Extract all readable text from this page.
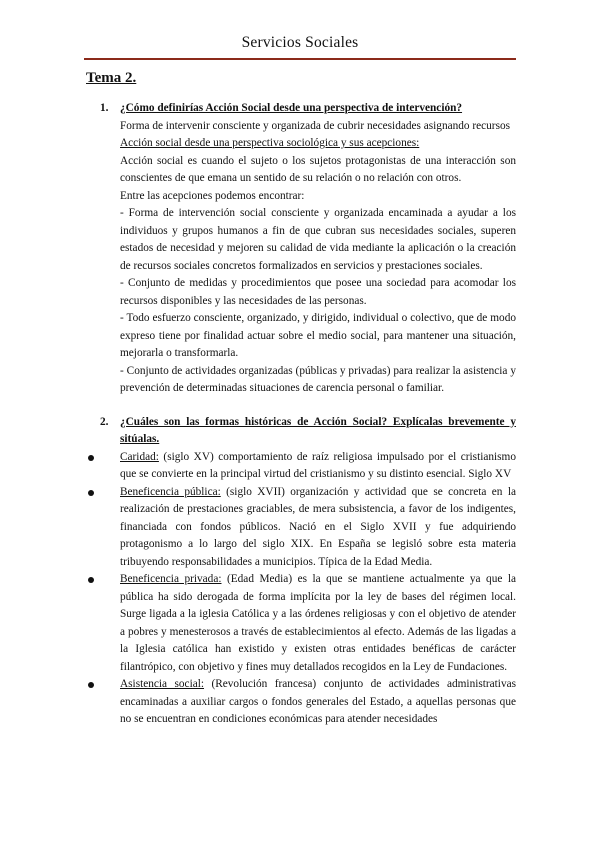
Servicios Sociales
Tema 2.
1. ¿Cómo definirías Acción Social desde una perspectiva de intervención?

Forma de intervenir consciente y organizada de cubrir necesidades asignando recursos

Acción social desde una perspectiva sociológica y sus acepciones:

Acción social es cuando el sujeto o los sujetos protagonistas de una interacción son conscientes de que emana un sentido de su relación o no relación con otros.

Entre las acepciones podemos encontrar:

- Forma de intervención social consciente y organizada encaminada a ayudar a los individuos y grupos humanos a fin de que cubran sus necesidades sociales, superen estados de necesidad y mejoren su calidad de vida mediante la aplicación o la creación de recursos sociales concretos formalizados en servicios y prestaciones sociales.

- Conjunto de medidas y procedimientos que posee una sociedad para acomodar los recursos disponibles y las necesidades de las personas.

- Todo esfuerzo consciente, organizado, y dirigido, individual o colectivo, que de modo expreso tiene por finalidad actuar sobre el medio social, para mantener una situación, mejorarla o transformarla.

- Conjunto de actividades organizadas (públicas y privadas) para realizar la asistencia y prevención de determinadas situaciones de carencia personal o familiar.

2. ¿Cuáles son las formas históricas de Acción Social? Explícalas brevemente y sitúalas.
Caridad: (siglo XV) comportamiento de raíz religiosa impulsado por el cristianismo que se convierte en la principal virtud del cristianismo y su distinto esencial. Siglo XV
Beneficencia pública: (siglo XVII) organización y actividad que se concreta en la realización de prestaciones graciables, de mera subsistencia, a favor de los indigentes, financiada con fondos públicos. Nació en el Siglo XVII y fue adquiriendo protagonismo a lo largo del siglo XIX. En España se legisló sobre esta materia tribuyendo responsabilidades a municipios. Típica de la Edad Media.
Beneficencia privada: (Edad Media) es la que se mantiene actualmente ya que la pública ha sido derogada de forma implícita por la ley de bases del régimen local. Surge ligada a la iglesia Católica y a las órdenes religiosas y con el objetivo de atender a pobres y menesterosos a través de establecimientos al efecto. Además de las ligadas a la Iglesia católica han existido y existen otras entidades benéficas de carácter filantrópico, con objetivo y fines muy detallados recogidos en la Ley de Fundaciones.
Asistencia social: (Revolución francesa) conjunto de actividades administrativas encaminadas a auxiliar cargos o fondos generales del Estado, a aquellas personas que no se encuentran en condiciones económicas para atender necesidades
